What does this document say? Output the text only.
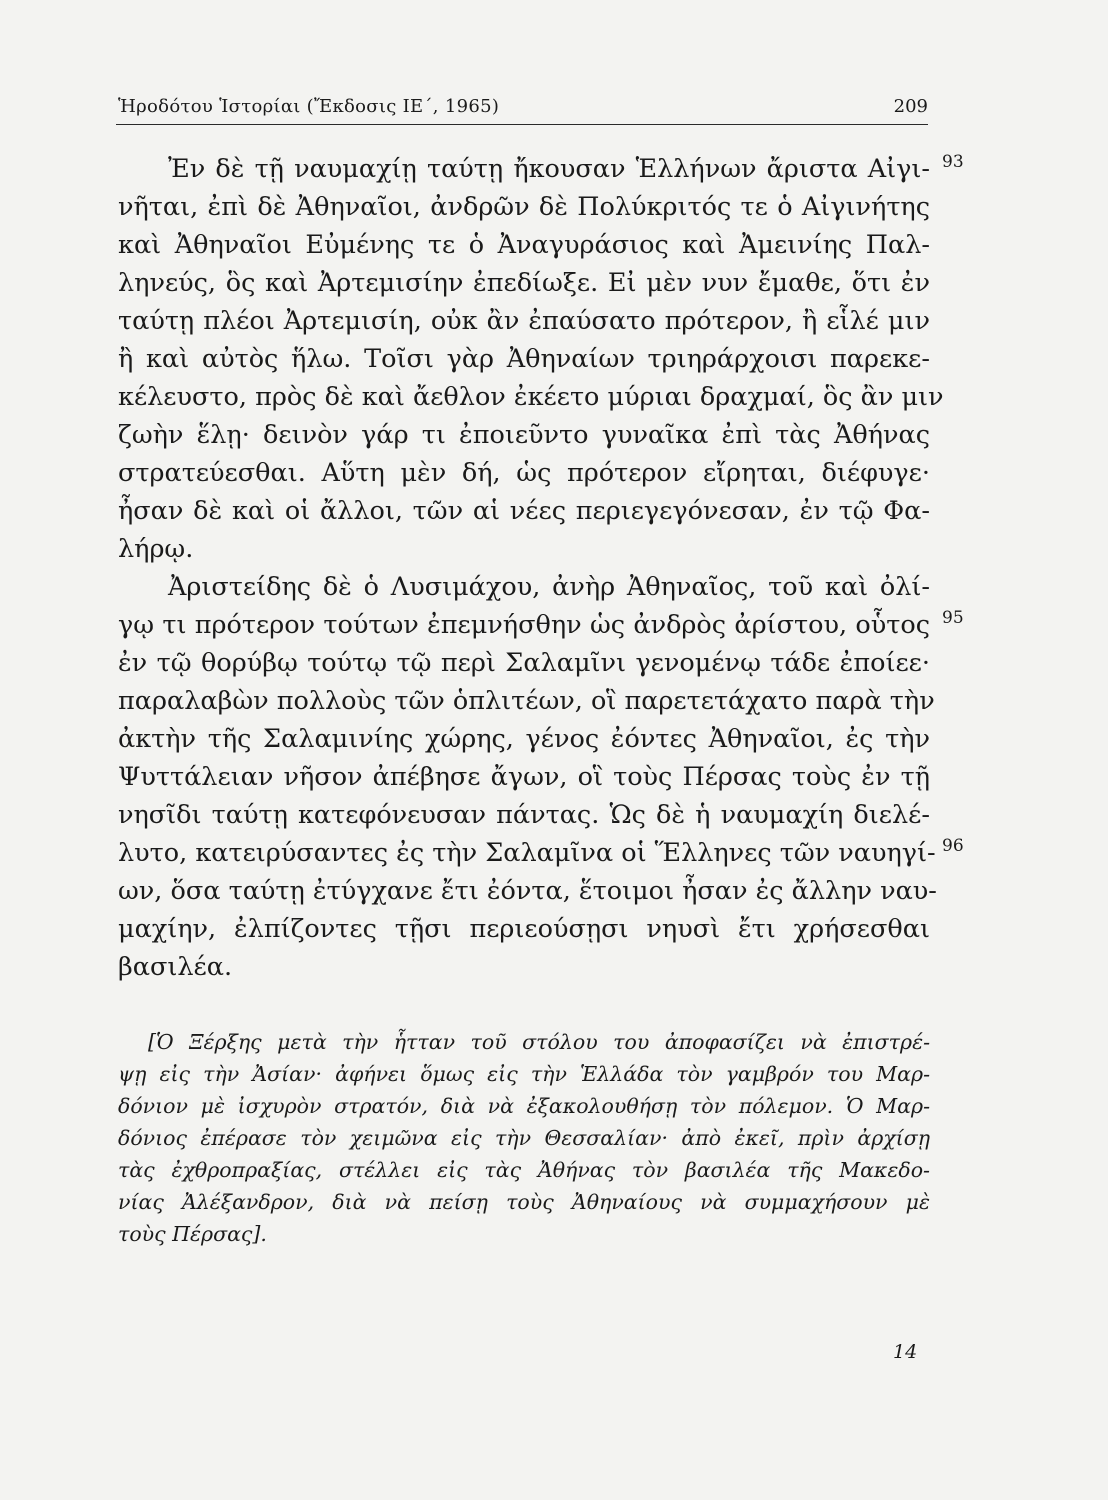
Ἡροδότου Ἱστορίαι (Ἔκδοσις ΙΕ΄, 1965)	209
Ἐν δὲ τῇ ναυμαχίῃ ταύτῃ ἤκουσαν Ἑλλήνων ἄριστα Αἰγι-
νῆται, ἐπὶ δὲ Ἀθηναῖοι, ἀνδρῶν δὲ Πολύκριτός τε ὁ Αἰγινήτης
καὶ Ἀθηναῖοι Εὐμένης τε ὁ Ἀναγυράσιος καὶ Ἀμεινίης Παλ-
ληνεύς, ὃς καὶ Ἀρτεμισίην ἐπεδίωξε. Εἰ μὲν νυν ἔμαθε, ὅτι ἐν
ταύτῃ πλέοι Ἀρτεμισίη, οὐκ ἂν ἐπαύσατο πρότερον, ἢ εἷλέ μιν
ἢ καὶ αὐτὸς ἥλω. Τοῖσι γὰρ Ἀθηναίων τριηράρχοισι παρεκε-
κέλευστο, πρὸς δὲ καὶ ἄεθλον ἐκέετο μύριαι δραχμαί, ὃς ἂν μιν
ζωὴν ἕλῃ· δεινὸν γάρ τι ἐποιεῦντο γυναῖκα ἐπὶ τὰς Ἀθήνας
στρατεύεσθαι. Αὕτη μὲν δή, ὡς πρότερον εἴρηται, διέφυγε·
ἦσαν δὲ καὶ οἱ ἄλλοι, τῶν αἱ νέες περιεγεγόνεσαν, ἐν τῷ Φα-
λήρῳ.
Ἀριστείδης δὲ ὁ Λυσιμάχου, ἀνὴρ Ἀθηναῖος, τοῦ καὶ ὀλί-
γῳ τι πρότερον τούτων ἐπεμνήσθην ὡς ἀνδρὸς ἀρίστου, οὗτος
ἐν τῷ θορύβῳ τούτῳ τῷ περὶ Σαλαμῖνι γενομένῳ τάδε ἐποίεε·
παραλαβὼν πολλοὺς τῶν ὁπλιτέων, οἳ παρετετάχατο παρὰ τὴν
ἀκτὴν τῆς Σαλαμινίης χώρης, γένος ἐόντες Ἀθηναῖοι, ἐς τὴν
Ψυττάλειαν νῆσον ἀπέβησε ἄγων, οἳ τοὺς Πέρσας τοὺς ἐν τῇ
νησῖδι ταύτῃ κατεφόνευσαν πάντας. Ὡς δὲ ἡ ναυμαχίη διελέ-
λυτο, κατειρύσαντες ἐς τὴν Σαλαμῖνα οἱ Ἕλληνες τῶν ναυηγί-
ων, ὅσα ταύτῃ ἐτύγχανε ἔτι ἐόντα, ἕτοιμοι ἦσαν ἐς ἄλλην ναυ-
μαχίην, ἐλπίζοντες τῇσι περιεούσῃσι νηυσὶ ἔτι χρήσεσθαι
βασιλέα.
[Ὁ Ξέρξης μετὰ τὴν ἧτταν τοῦ στόλου του ἀποφασίζει νὰ ἐπιστρέ-
ψῃ εἰς τὴν Ἀσίαν· ἀφήνει ὅμως εἰς τὴν Ἑλλάδα τὸν γαμβρόν του Μαρ-
δόνιον μὲ ἰσχυρὸν στρατόν, διὰ νὰ ἐξακολουθήσῃ τὸν πόλεμον. Ὁ Μαρ-
δόνιος ἐπέρασε τὸν χειμῶνα εἰς τὴν Θεσσαλίαν· ἀπὸ ἐκεῖ, πρὶν ἀρχίσῃ
τὰς ἐχθροπραξίας, στέλλει εἰς τὰς Ἀθήνας τὸν βασιλέα τῆς Μακεδο-
νίας Ἀλέξανδρον, διὰ νὰ πείσῃ τοὺς Ἀθηναίους νὰ συμμαχήσουν μὲ
τοὺς Πέρσας].
93
95
96
14
